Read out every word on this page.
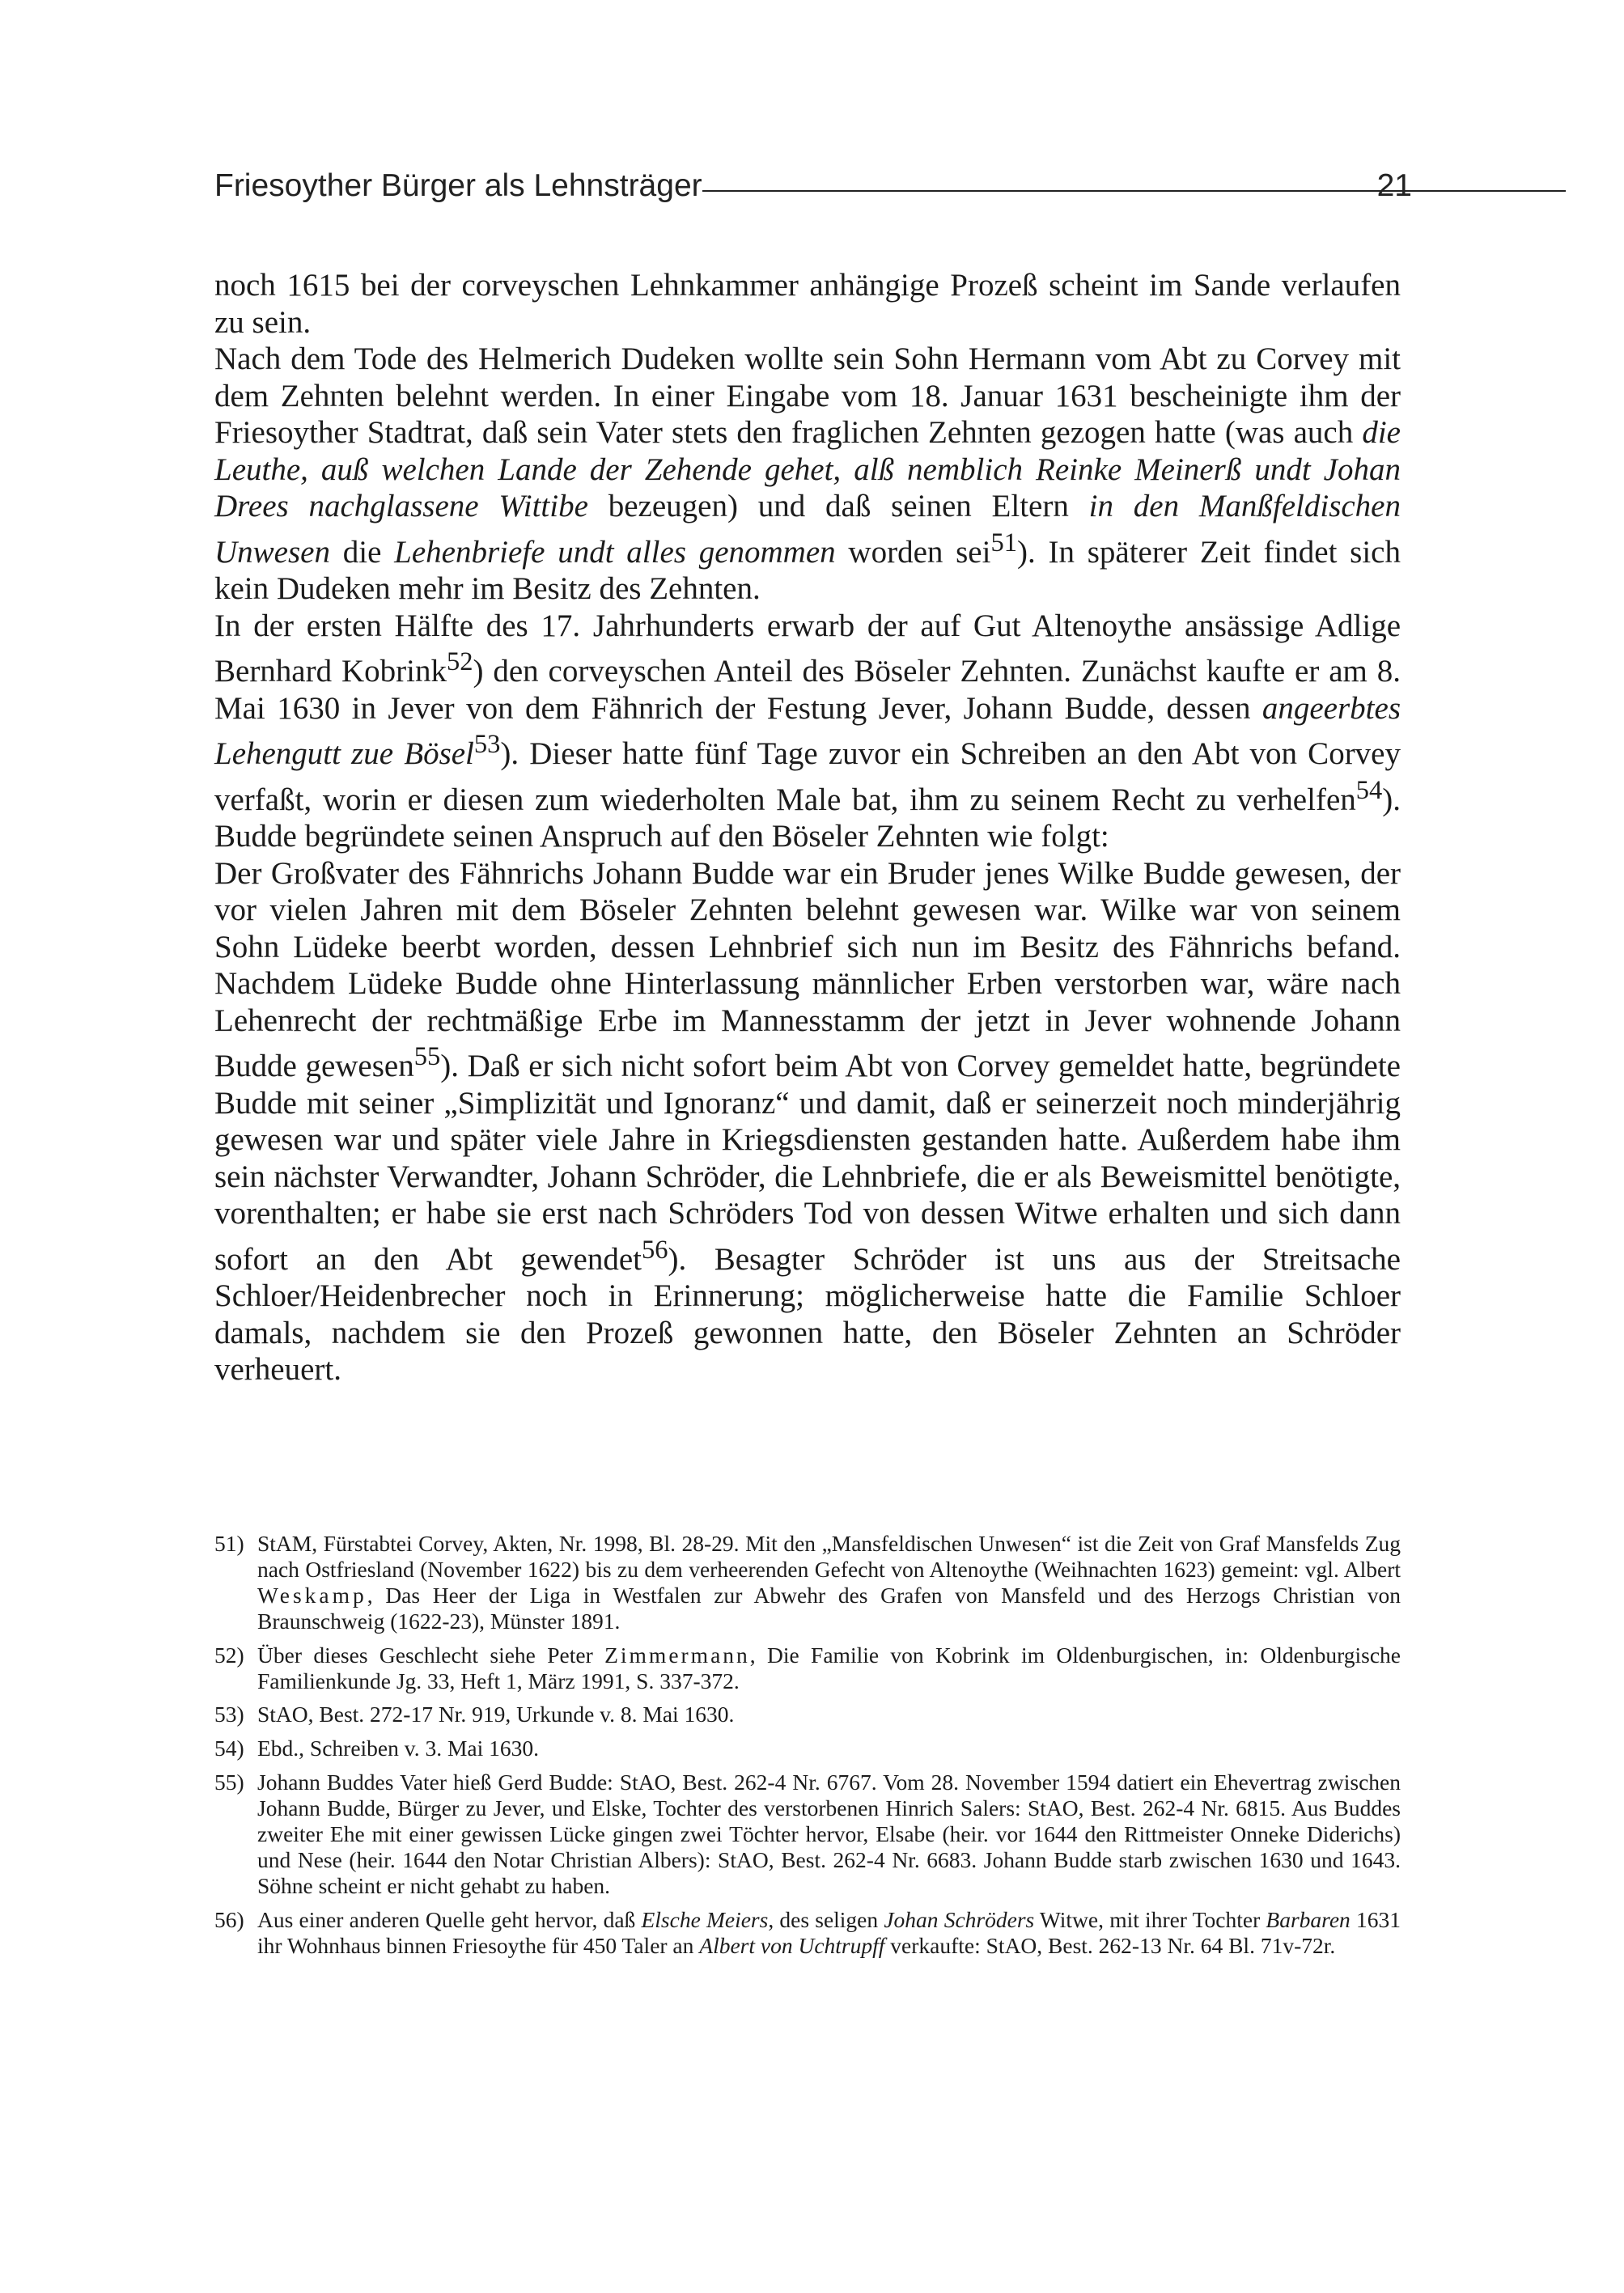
Friesoyther Bürger als Lehnsträger	21

noch 1615 bei der corveyschen Lehnkammer anhängige Prozeß scheint im Sande verlaufen zu sein.

Nach dem Tode des Helmerich Dudeken wollte sein Sohn Hermann vom Abt zu Corvey mit dem Zehnten belehnt werden. In einer Eingabe vom 18. Januar 1631 bescheinigte ihm der Friesoyther Stadtrat, daß sein Vater stets den fraglichen Zehnten gezogen hatte (was auch die Leuthe, auß welchen Lande der Zehende gehet, alß nemblich Reinke Meinerß undt Johan Drees nachglassene Wittibe bezeugen) und daß seinen Eltern in den Manßfeldischen Unwesen die Lehenbriefe undt alles genommen worden sei$^{51}$). In späterer Zeit findet sich kein Dudeken mehr im Besitz des Zehnten.

In der ersten Hälfte des 17. Jahrhunderts erwarb der auf Gut Altenoythe ansässige Adlige Bernhard Kobrink$^{52}$) den corveyschen Anteil des Böseler Zehnten. Zunächst kaufte er am 8. Mai 1630 in Jever von dem Fähnrich der Festung Jever, Johann Budde, dessen angeerbtes Lehengutt zue Bösel$^{53}$). Dieser hatte fünf Tage zuvor ein Schreiben an den Abt von Corvey verfaßt, worin er diesen zum wiederholten Male bat, ihm zu seinem Recht zu verhelfen$^{54}$). Budde begründete seinen Anspruch auf den Böseler Zehnten wie folgt:

Der Großvater des Fähnrichs Johann Budde war ein Bruder jenes Wilke Budde gewesen, der vor vielen Jahren mit dem Böseler Zehnten belehnt gewesen war. Wilke war von seinem Sohn Lüdeke beerbt worden, dessen Lehnbrief sich nun im Besitz des Fähnrichs befand. Nachdem Lüdeke Budde ohne Hinterlassung männlicher Erben verstorben war, wäre nach Lehenrecht der rechtmäßige Erbe im Mannesstamm der jetzt in Jever wohnende Johann Budde gewesen$^{55}$). Daß er sich nicht sofort beim Abt von Corvey gemeldet hatte, begründete Budde mit seiner „Simplizität und Ignoranz“ und damit, daß er seinerzeit noch minderjährig gewesen war und später viele Jahre in Kriegsdiensten gestanden hatte. Außerdem habe ihm sein nächster Verwandter, Johann Schröder, die Lehnbriefe, die er als Beweismittel benötigte, vorenthalten; er habe sie erst nach Schröders Tod von dessen Witwe erhalten und sich dann sofort an den Abt gewendet$^{56}$). Besagter Schröder ist uns aus der Streitsache Schloer/Heidenbrecher noch in Erinnerung; möglicherweise hatte die Familie Schloer damals, nachdem sie den Prozeß gewonnen hatte, den Böseler Zehnten an Schröder verheuert.

51) StAM, Fürstabtei Corvey, Akten, Nr. 1998, Bl. 28-29. Mit den „Mansfeldischen Unwesen“ ist die Zeit von Graf Mansfelds Zug nach Ostfriesland (November 1622) bis zu dem verheerenden Gefecht von Altenoythe (Weihnachten 1623) gemeint: vgl. Albert Weskamp, Das Heer der Liga in Westfalen zur Abwehr des Grafen von Mansfeld und des Herzogs Christian von Braunschweig (1622-23), Münster 1891.
52) Über dieses Geschlecht siehe Peter Zimmermann, Die Familie von Kobrink im Oldenburgischen, in: Oldenburgische Familienkunde Jg. 33, Heft 1, März 1991, S. 337-372.
53) StAO, Best. 272-17 Nr. 919, Urkunde v. 8. Mai 1630.
54) Ebd., Schreiben v. 3. Mai 1630.
55) Johann Buddes Vater hieß Gerd Budde: StAO, Best. 262-4 Nr. 6767. Vom 28. November 1594 datiert ein Ehevertrag zwischen Johann Budde, Bürger zu Jever, und Elske, Tochter des verstorbenen Hinrich Salers: StAO, Best. 262-4 Nr. 6815. Aus Buddes zweiter Ehe mit einer gewissen Lücke gingen zwei Töchter hervor, Elsabe (heir. vor 1644 den Rittmeister Onneke Diderichs) und Nese (heir. 1644 den Notar Christian Albers): StAO, Best. 262-4 Nr. 6683. Johann Budde starb zwischen 1630 und 1643. Söhne scheint er nicht gehabt zu haben.
56) Aus einer anderen Quelle geht hervor, daß Elsche Meiers, des seligen Johan Schröders Witwe, mit ihrer Tochter Barbaren 1631 ihr Wohnhaus binnen Friesoythe für 450 Taler an Albert von Uchtrupff verkaufte: StAO, Best. 262-13 Nr. 64 Bl. 71v-72r.
